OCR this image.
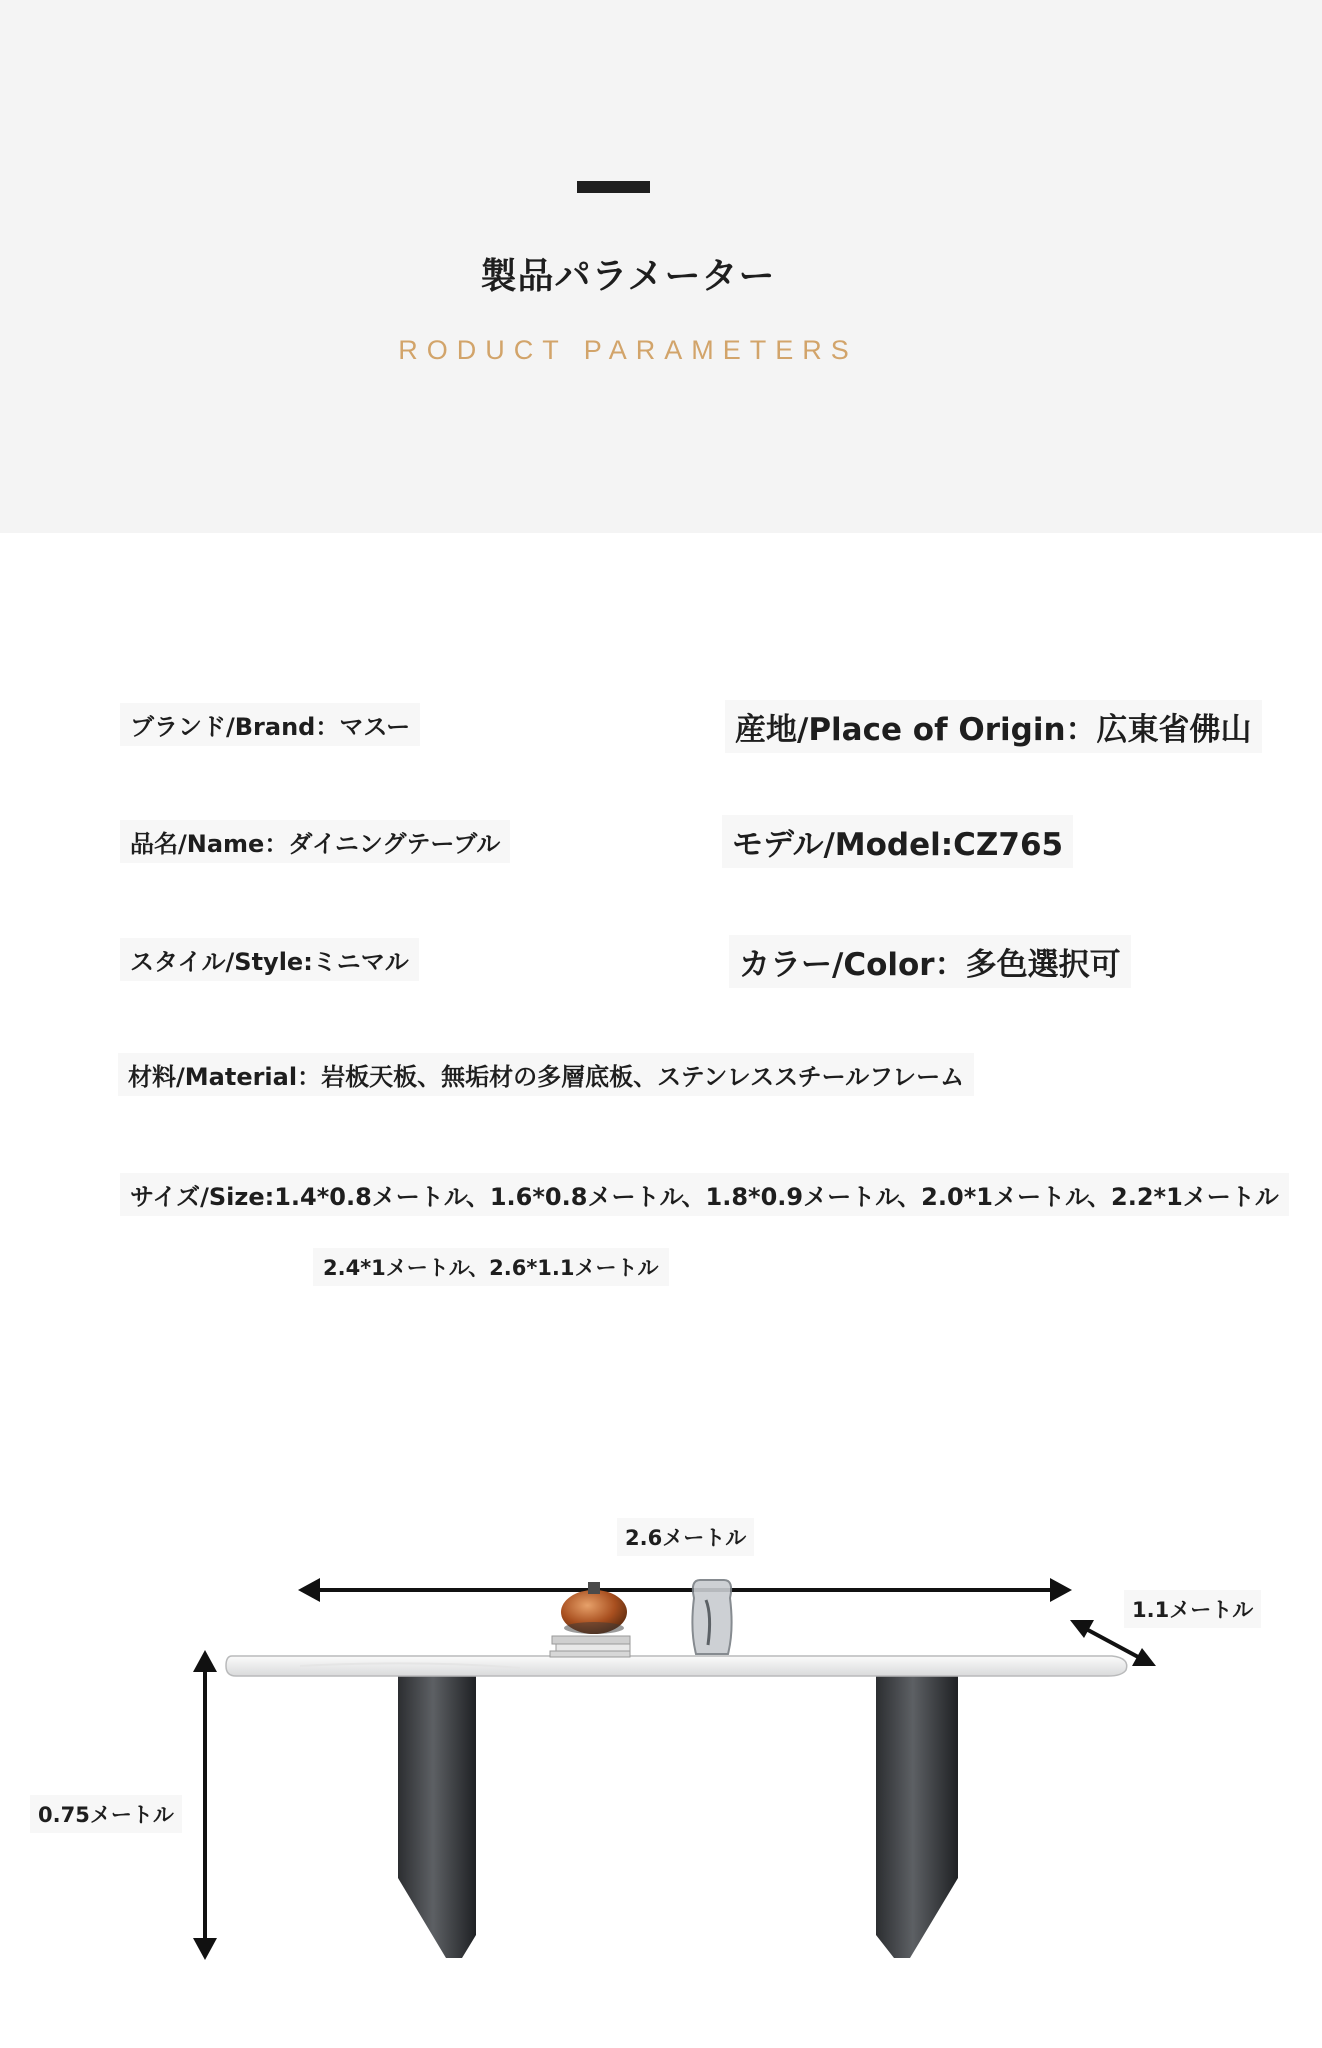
製品パラメーター
RODUCT PARAMETERS
ブランド/Brand：マスー	産地/Place of Origin：広東省佛山
品名/Name：ダイニングテーブル	モデル/Model:CZ765
スタイル/Style:ミニマル	カラー/Color：多色選択可
材料/Material：岩板天板、無垢材の多層底板、ステンレススチールフレーム
サイズ/Size:1.4*0.8メートル、1.6*0.8メートル、1.8*0.9メートル、2.0*1メートル、2.2*1メートル
2.4*1メートル、2.6*1.1メートル
2.6メートル
1.1メートル
0.75メートル
